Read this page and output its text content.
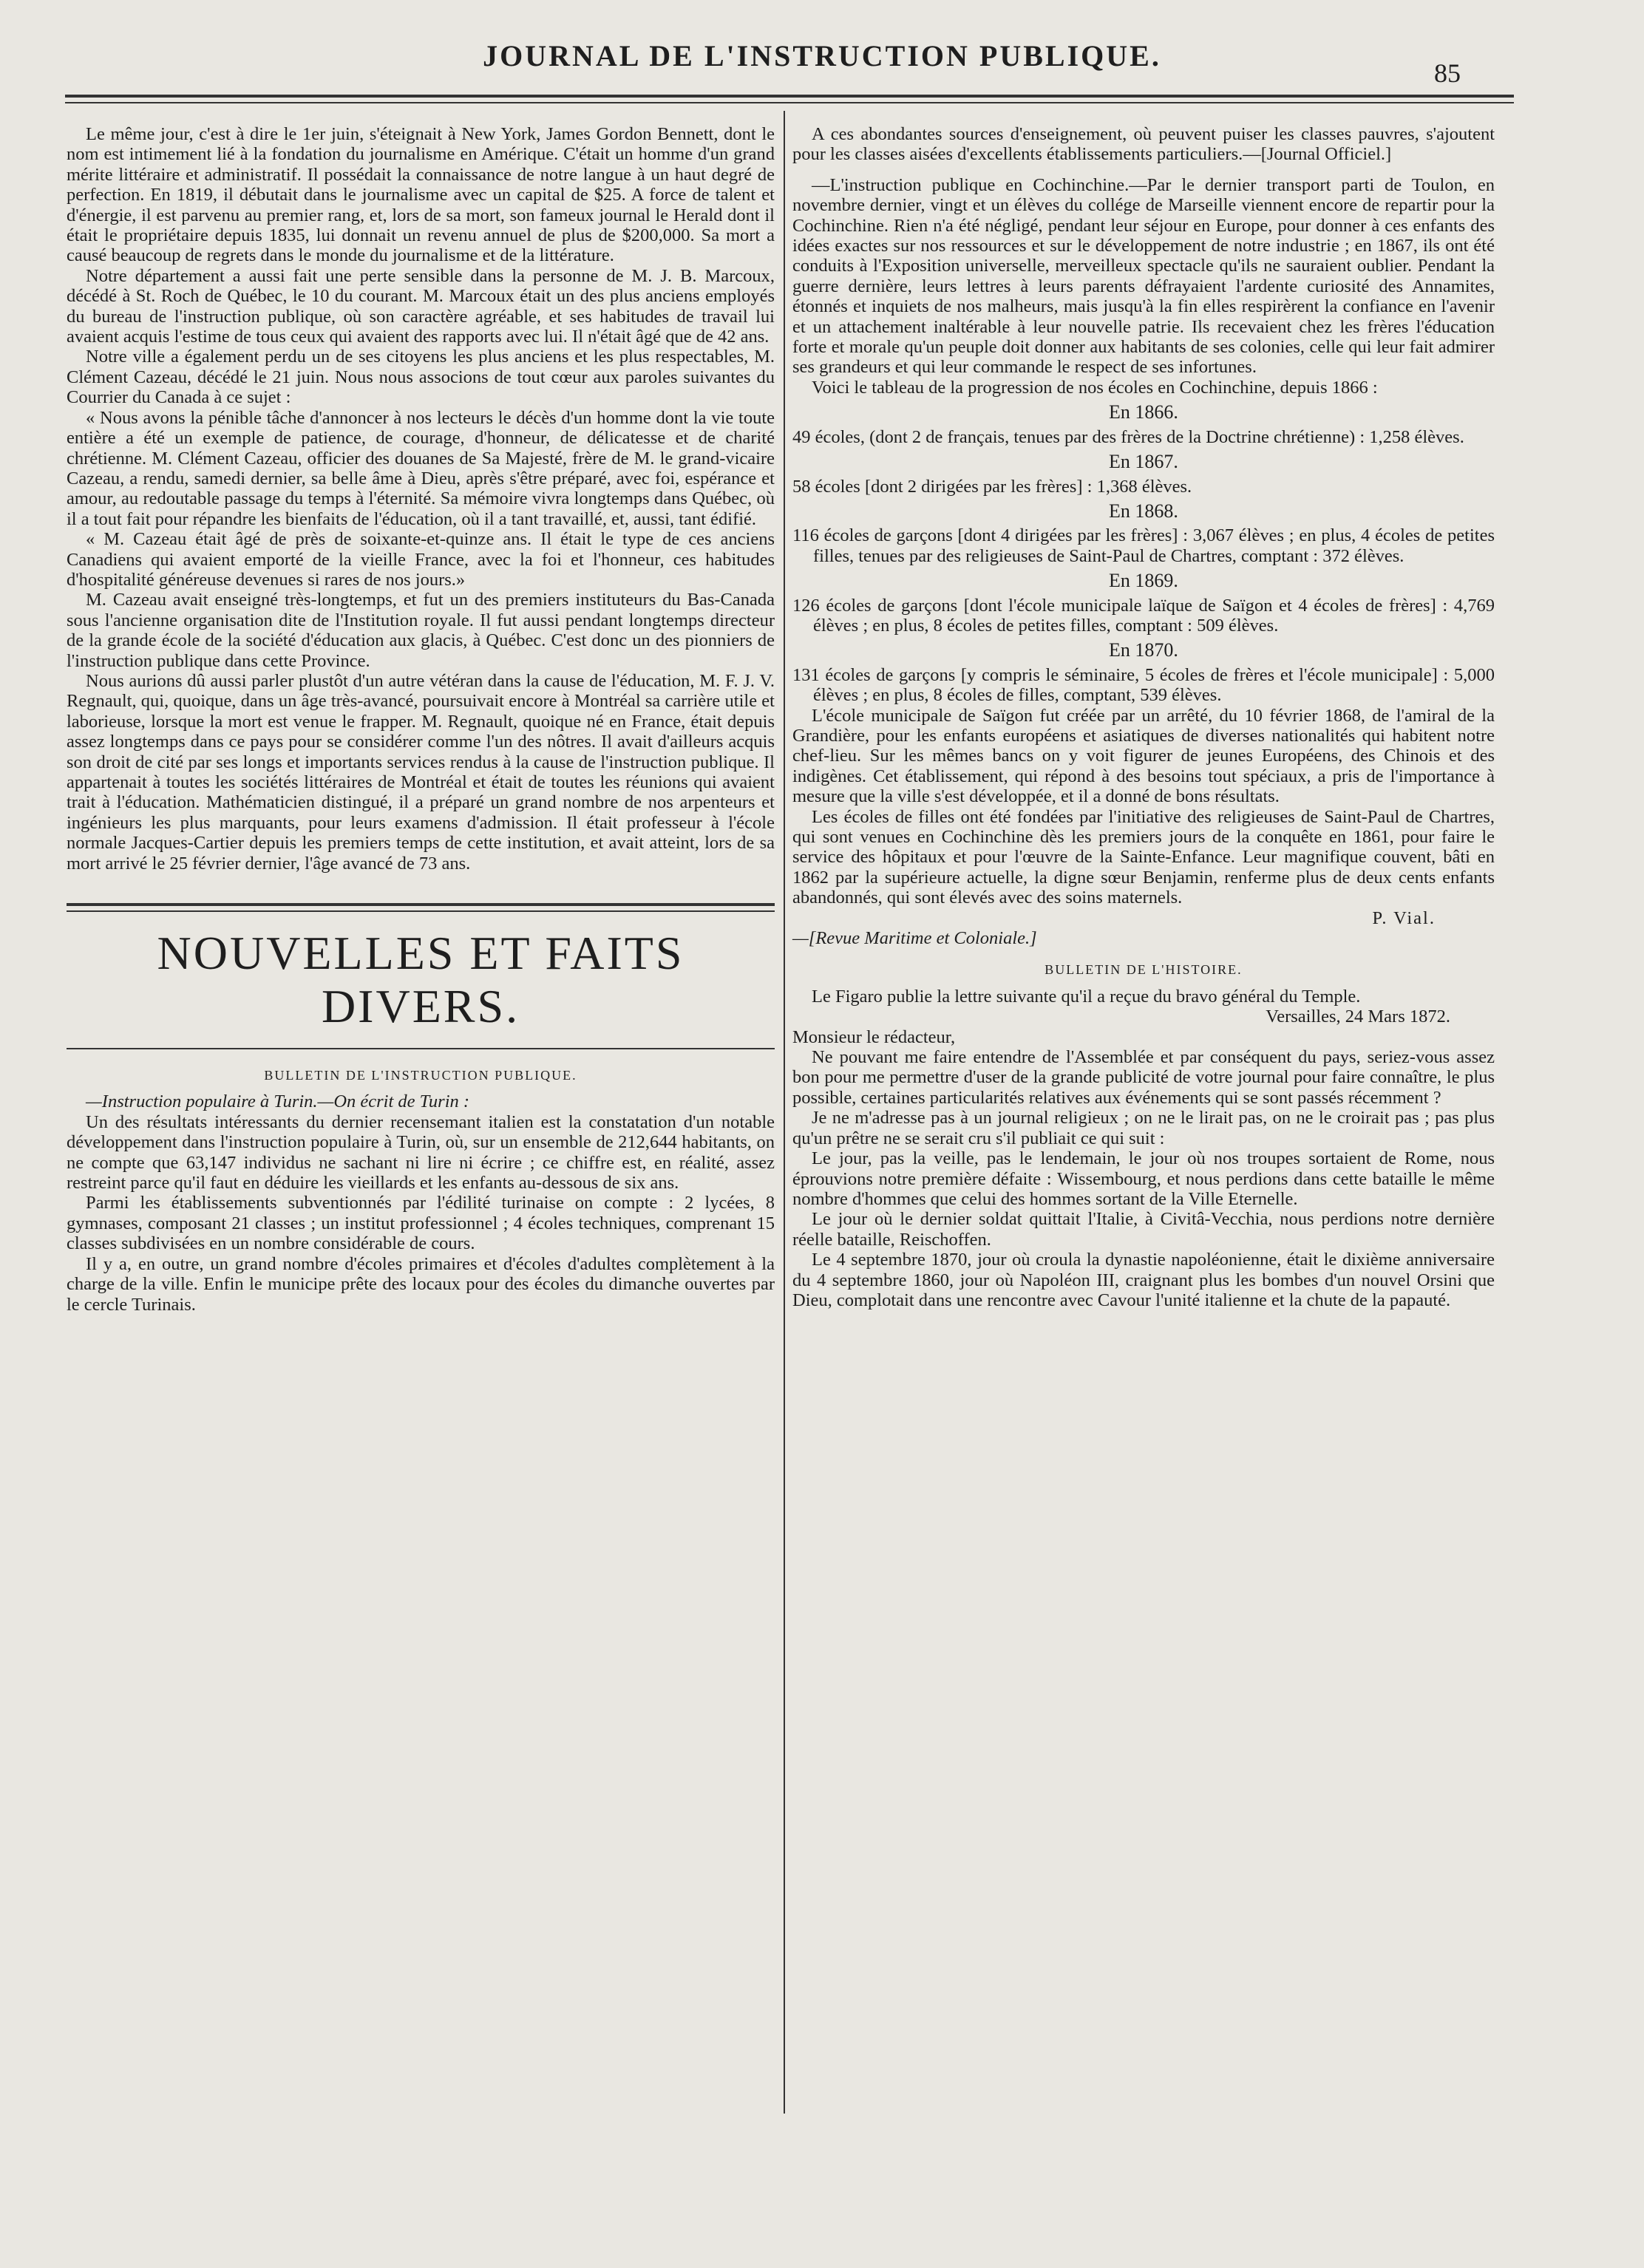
JOURNAL DE L'INSTRUCTION PUBLIQUE.
85

Le même jour, c'est à dire le 1er juin, s'éteignait à New York, James Gordon Bennett, dont le nom est intimement lié à la fondation du journalisme en Amérique. C'était un homme d'un grand mérite littéraire et administratif. Il possédait la connaissance de notre langue à un haut degré de perfection. En 1819, il débutait dans le journalisme avec un capital de $25. A force de talent et d'énergie, il est parvenu au premier rang, et, lors de sa mort, son fameux journal le Herald dont il était le propriétaire depuis 1835, lui donnait un revenu annuel de plus de $200,000. Sa mort a causé beaucoup de regrets dans le monde du journalisme et de la littérature.

Notre département a aussi fait une perte sensible dans la personne de M. J. B. Marcoux, décédé à St. Roch de Québec, le 10 du courant. M. Marcoux était un des plus anciens employés du bureau de l'instruction publique, où son caractère agréable, et ses habitudes de travail lui avaient acquis l'estime de tous ceux qui avaient des rapports avec lui. Il n'était âgé que de 42 ans.

Notre ville a également perdu un de ses citoyens les plus anciens et les plus respectables, M. Clément Cazeau, décédé le 21 juin. Nous nous associons de tout cœur aux paroles suivantes du Courrier du Canada à ce sujet :

« Nous avons la pénible tâche d'annoncer à nos lecteurs le décès d'un homme dont la vie toute entière a été un exemple de patience, de courage, d'honneur, de délicatesse et de charité chrétienne. M. Clément Cazeau, officier des douanes de Sa Majesté, frère de M. le grand-vicaire Cazeau, a rendu, samedi dernier, sa belle âme à Dieu, après s'être préparé, avec foi, espérance et amour, au redoutable passage du temps à l'éternité. Sa mémoire vivra longtemps dans Québec, où il a tout fait pour répandre les bienfaits de l'éducation, où il a tant travaillé, et, aussi, tant édifié.

« M. Cazeau était âgé de près de soixante-et-quinze ans. Il était le type de ces anciens Canadiens qui avaient emporté de la vieille France, avec la foi et l'honneur, ces habitudes d'hospitalité généreuse devenues si rares de nos jours.»

M. Cazeau avait enseigné très-longtemps, et fut un des premiers instituteurs du Bas-Canada sous l'ancienne organisation dite de l'Institution royale. Il fut aussi pendant longtemps directeur de la grande école de la société d'éducation aux glacis, à Québec. C'est donc un des pionniers de l'instruction publique dans cette Province.

Nous aurions dû aussi parler plustôt d'un autre vétéran dans la cause de l'éducation, M. F. J. V. Regnault, qui, quoique, dans un âge très-avancé, poursuivait encore à Montréal sa carrière utile et laborieuse, lorsque la mort est venue le frapper. M. Regnault, quoique né en France, était depuis assez longtemps dans ce pays pour se considérer comme l'un des nôtres. Il avait d'ailleurs acquis son droit de cité par ses longs et importants services rendus à la cause de l'instruction publique. Il appartenait à toutes les sociétés littéraires de Montréal et était de toutes les réunions qui avaient trait à l'éducation. Mathématicien distingué, il a préparé un grand nombre de nos arpenteurs et ingénieurs les plus marquants, pour leurs examens d'admission. Il était professeur à l'école normale Jacques-Cartier depuis les premiers temps de cette institution, et avait atteint, lors de sa mort arrivé le 25 février dernier, l'âge avancé de 73 ans.

NOUVELLES ET FAITS DIVERS.

BULLETIN DE L'INSTRUCTION PUBLIQUE.

—Instruction populaire à Turin.—On écrit de Turin :

Un des résultats intéressants du dernier recensemant italien est la constatation d'un notable développement dans l'instruction populaire à Turin, où, sur un ensemble de 212,644 habitants, on ne compte que 63,147 individus ne sachant ni lire ni écrire ; ce chiffre est, en réalité, assez restreint parce qu'il faut en déduire les vieillards et les enfants au-dessous de six ans.

Parmi les établissements subventionnés par l'édilité turinaise on compte : 2 lycées, 8 gymnases, composant 21 classes ; un institut professionnel ; 4 écoles techniques, comprenant 15 classes subdivisées en un nombre considérable de cours.

Il y a, en outre, un grand nombre d'écoles primaires et d'écoles d'adultes complètement à la charge de la ville. Enfin le municipe prête des locaux pour des écoles du dimanche ouvertes par le cercle Turinais.

A ces abondantes sources d'enseignement, où peuvent puiser les classes pauvres, s'ajoutent pour les classes aisées d'excellents établissements particuliers.—[Journal Officiel.]

—L'instruction publique en Cochinchine.—Par le dernier transport parti de Toulon, en novembre dernier, vingt et un élèves du collége de Marseille viennent encore de repartir pour la Cochinchine. Rien n'a été négligé, pendant leur séjour en Europe, pour donner à ces enfants des idées exactes sur nos ressources et sur le développement de notre industrie ; en 1867, ils ont été conduits à l'Exposition universelle, merveilleux spectacle qu'ils ne sauraient oublier. Pendant la guerre dernière, leurs lettres à leurs parents défrayaient l'ardente curiosité des Annamites, étonnés et inquiets de nos malheurs, mais jusqu'à la fin elles respirèrent la confiance en l'avenir et un attachement inaltérable à leur nouvelle patrie. Ils recevaient chez les frères l'éducation forte et morale qu'un peuple doit donner aux habitants de ses colonies, celle qui leur fait admirer ses grandeurs et qui leur commande le respect de ses infortunes.

Voici le tableau de la progression de nos écoles en Cochinchine, depuis 1866 :

En 1866.

49 écoles, (dont 2 de français, tenues par des frères de la Doctrine chrétienne) : 1,258 élèves.

En 1867.

58 écoles [dont 2 dirigées par les frères] : 1,368 élèves.

En 1868.

116 écoles de garçons [dont 4 dirigées par les frères] : 3,067 élèves ; en plus, 4 écoles de petites filles, tenues par des religieuses de Saint-Paul de Chartres, comptant : 372 élèves.

En 1869.

126 écoles de garçons [dont l'école municipale laïque de Saïgon et 4 écoles de frères] : 4,769 élèves ; en plus, 8 écoles de petites filles, comptant : 509 élèves.

En 1870.

131 écoles de garçons [y compris le séminaire, 5 écoles de frères et l'école municipale] : 5,000 élèves ; en plus, 8 écoles de filles, comptant, 539 élèves.

L'école municipale de Saïgon fut créée par un arrêté, du 10 février 1868, de l'amiral de la Grandière, pour les enfants européens et asiatiques de diverses nationalités qui habitent notre chef-lieu. Sur les mêmes bancs on y voit figurer de jeunes Européens, des Chinois et des indigènes. Cet établissement, qui répond à des besoins tout spéciaux, a pris de l'importance à mesure que la ville s'est développée, et il a donné de bons résultats.

Les écoles de filles ont été fondées par l'initiative des religieuses de Saint-Paul de Chartres, qui sont venues en Cochinchine dès les premiers jours de la conquête en 1861, pour faire le service des hôpitaux et pour l'œuvre de la Sainte-Enfance. Leur magnifique couvent, bâti en 1862 par la supérieure actuelle, la digne sœur Benjamin, renferme plus de deux cents enfants abandonnés, qui sont élevés avec des soins maternels.

P. Vial.

—[Revue Maritime et Coloniale.]

BULLETIN DE L'HISTOIRE.

Le Figaro publie la lettre suivante qu'il a reçue du bravo général du Temple.

Versailles, 24 Mars 1872.

Monsieur le rédacteur,

Ne pouvant me faire entendre de l'Assemblée et par conséquent du pays, seriez-vous assez bon pour me permettre d'user de la grande publicité de votre journal pour faire connaître, le plus possible, certaines particularités relatives aux événements qui se sont passés récemment ?

Je ne m'adresse pas à un journal religieux ; on ne le lirait pas, on ne le croirait pas ; pas plus qu'un prêtre ne se serait cru s'il publiait ce qui suit :

Le jour, pas la veille, pas le lendemain, le jour où nos troupes sortaient de Rome, nous éprouvions notre première défaite : Wissembourg, et nous perdions dans cette bataille le même nombre d'hommes que celui des hommes sortant de la Ville Eternelle.

Le jour où le dernier soldat quittait l'Italie, à Civitâ-Vecchia, nous perdions notre dernière réelle bataille, Reischoffen.

Le 4 septembre 1870, jour où croula la dynastie napoléonienne, était le dixième anniversaire du 4 septembre 1860, jour où Napoléon III, craignant plus les bombes d'un nouvel Orsini que Dieu, complotait dans une rencontre avec Cavour l'unité italienne et la chute de la papauté.
